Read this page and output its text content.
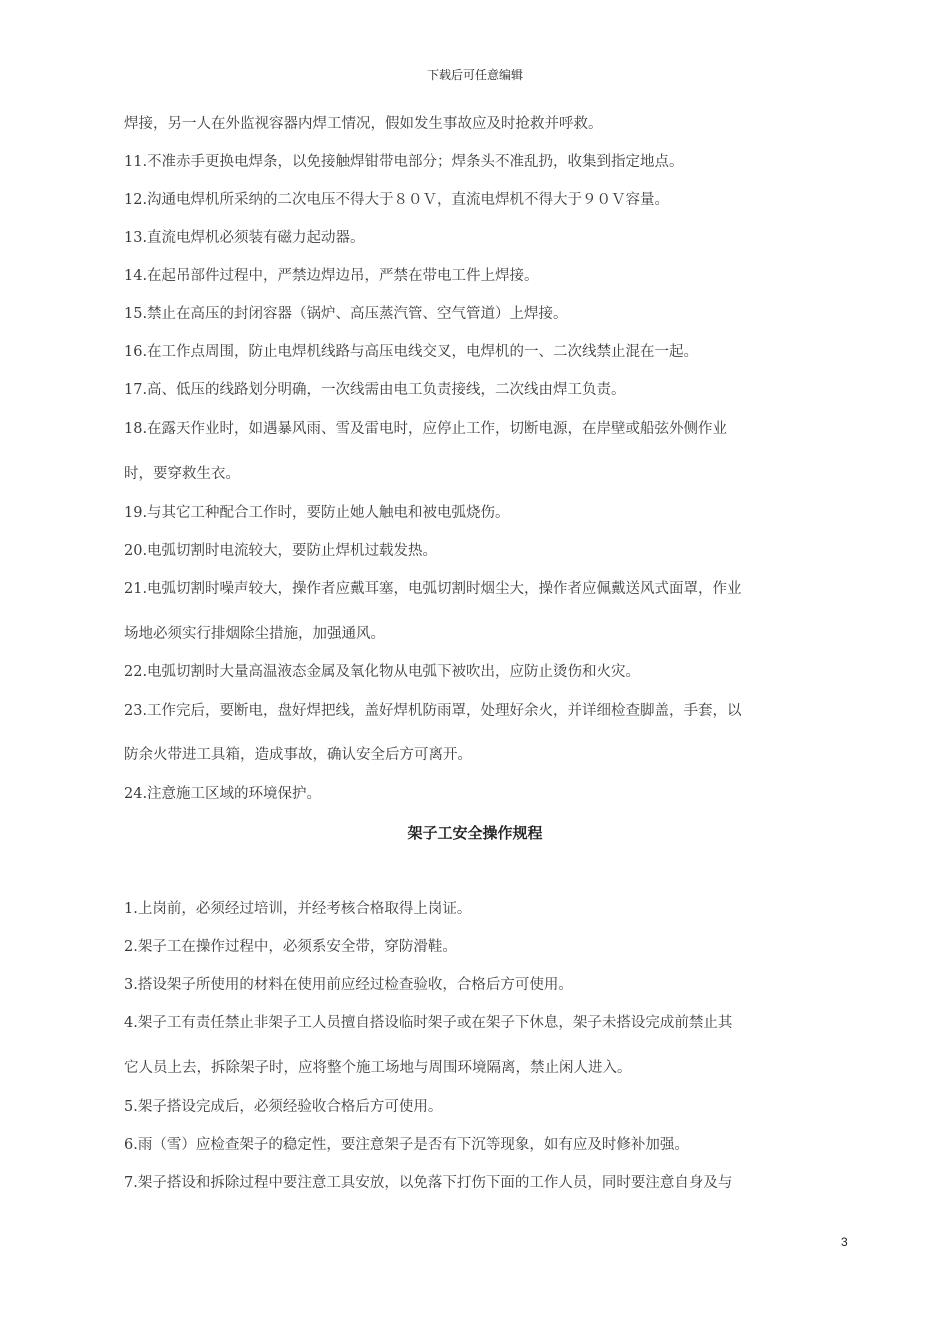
下载后可任意编辑
焊接，另一人在外监视容器内焊工情况，假如发生事故应及时抢救并呼救。
11.不准赤手更换电焊条，以免接触焊钳带电部分；焊条头不准乱扔，收集到指定地点。
12.沟通电焊机所采纳的二次电压不得大于８０Ｖ，直流电焊机不得大于９０Ｖ容量。
13.直流电焊机必须装有磁力起动器。
14.在起吊部件过程中，严禁边焊边吊，严禁在带电工件上焊接。
15.禁止在高压的封闭容器（锅炉、高压蒸汽管、空气管道）上焊接。
16.在工作点周围，防止电焊机线路与高压电线交叉，电焊机的一、二次线禁止混在一起。
17.高、低压的线路划分明确，一次线需由电工负责接线，二次线由焊工负责。
18.在露天作业时，如遇暴风雨、雪及雷电时，应停止工作，切断电源，在岸壁或船弦外侧作业
时，要穿救生衣。
19.与其它工种配合工作时，要防止她人触电和被电弧烧伤。
20.电弧切割时电流较大，要防止焊机过载发热。
21.电弧切割时噪声较大，操作者应戴耳塞，电弧切割时烟尘大，操作者应佩戴送风式面罩，作业
场地必须实行排烟除尘措施，加强通风。
22.电弧切割时大量高温液态金属及氧化物从电弧下被吹出，应防止烫伤和火灾。
23.工作完后，要断电，盘好焊把线，盖好焊机防雨罩，处理好余火，并详细检查脚盖，手套，以
防余火带进工具箱，造成事故，确认安全后方可离开。
24.注意施工区域的环境保护。
架子工安全操作规程
1.上岗前，必须经过培训，并经考核合格取得上岗证。
2.架子工在操作过程中，必须系安全带，穿防滑鞋。
3.搭设架子所使用的材料在使用前应经过检查验收，合格后方可使用。
4.架子工有责任禁止非架子工人员擅自搭设临时架子或在架子下休息，架子未搭设完成前禁止其
它人员上去，拆除架子时，应将整个施工场地与周围环境隔离，禁止闲人进入。
5.架子搭设完成后，必须经验收合格后方可使用。
6.雨（雪）应检查架子的稳定性，要注意架子是否有下沉等现象，如有应及时修补加强。
7.架子搭设和拆除过程中要注意工具安放，以免落下打伤下面的工作人员，同时要注意自身及与
3
